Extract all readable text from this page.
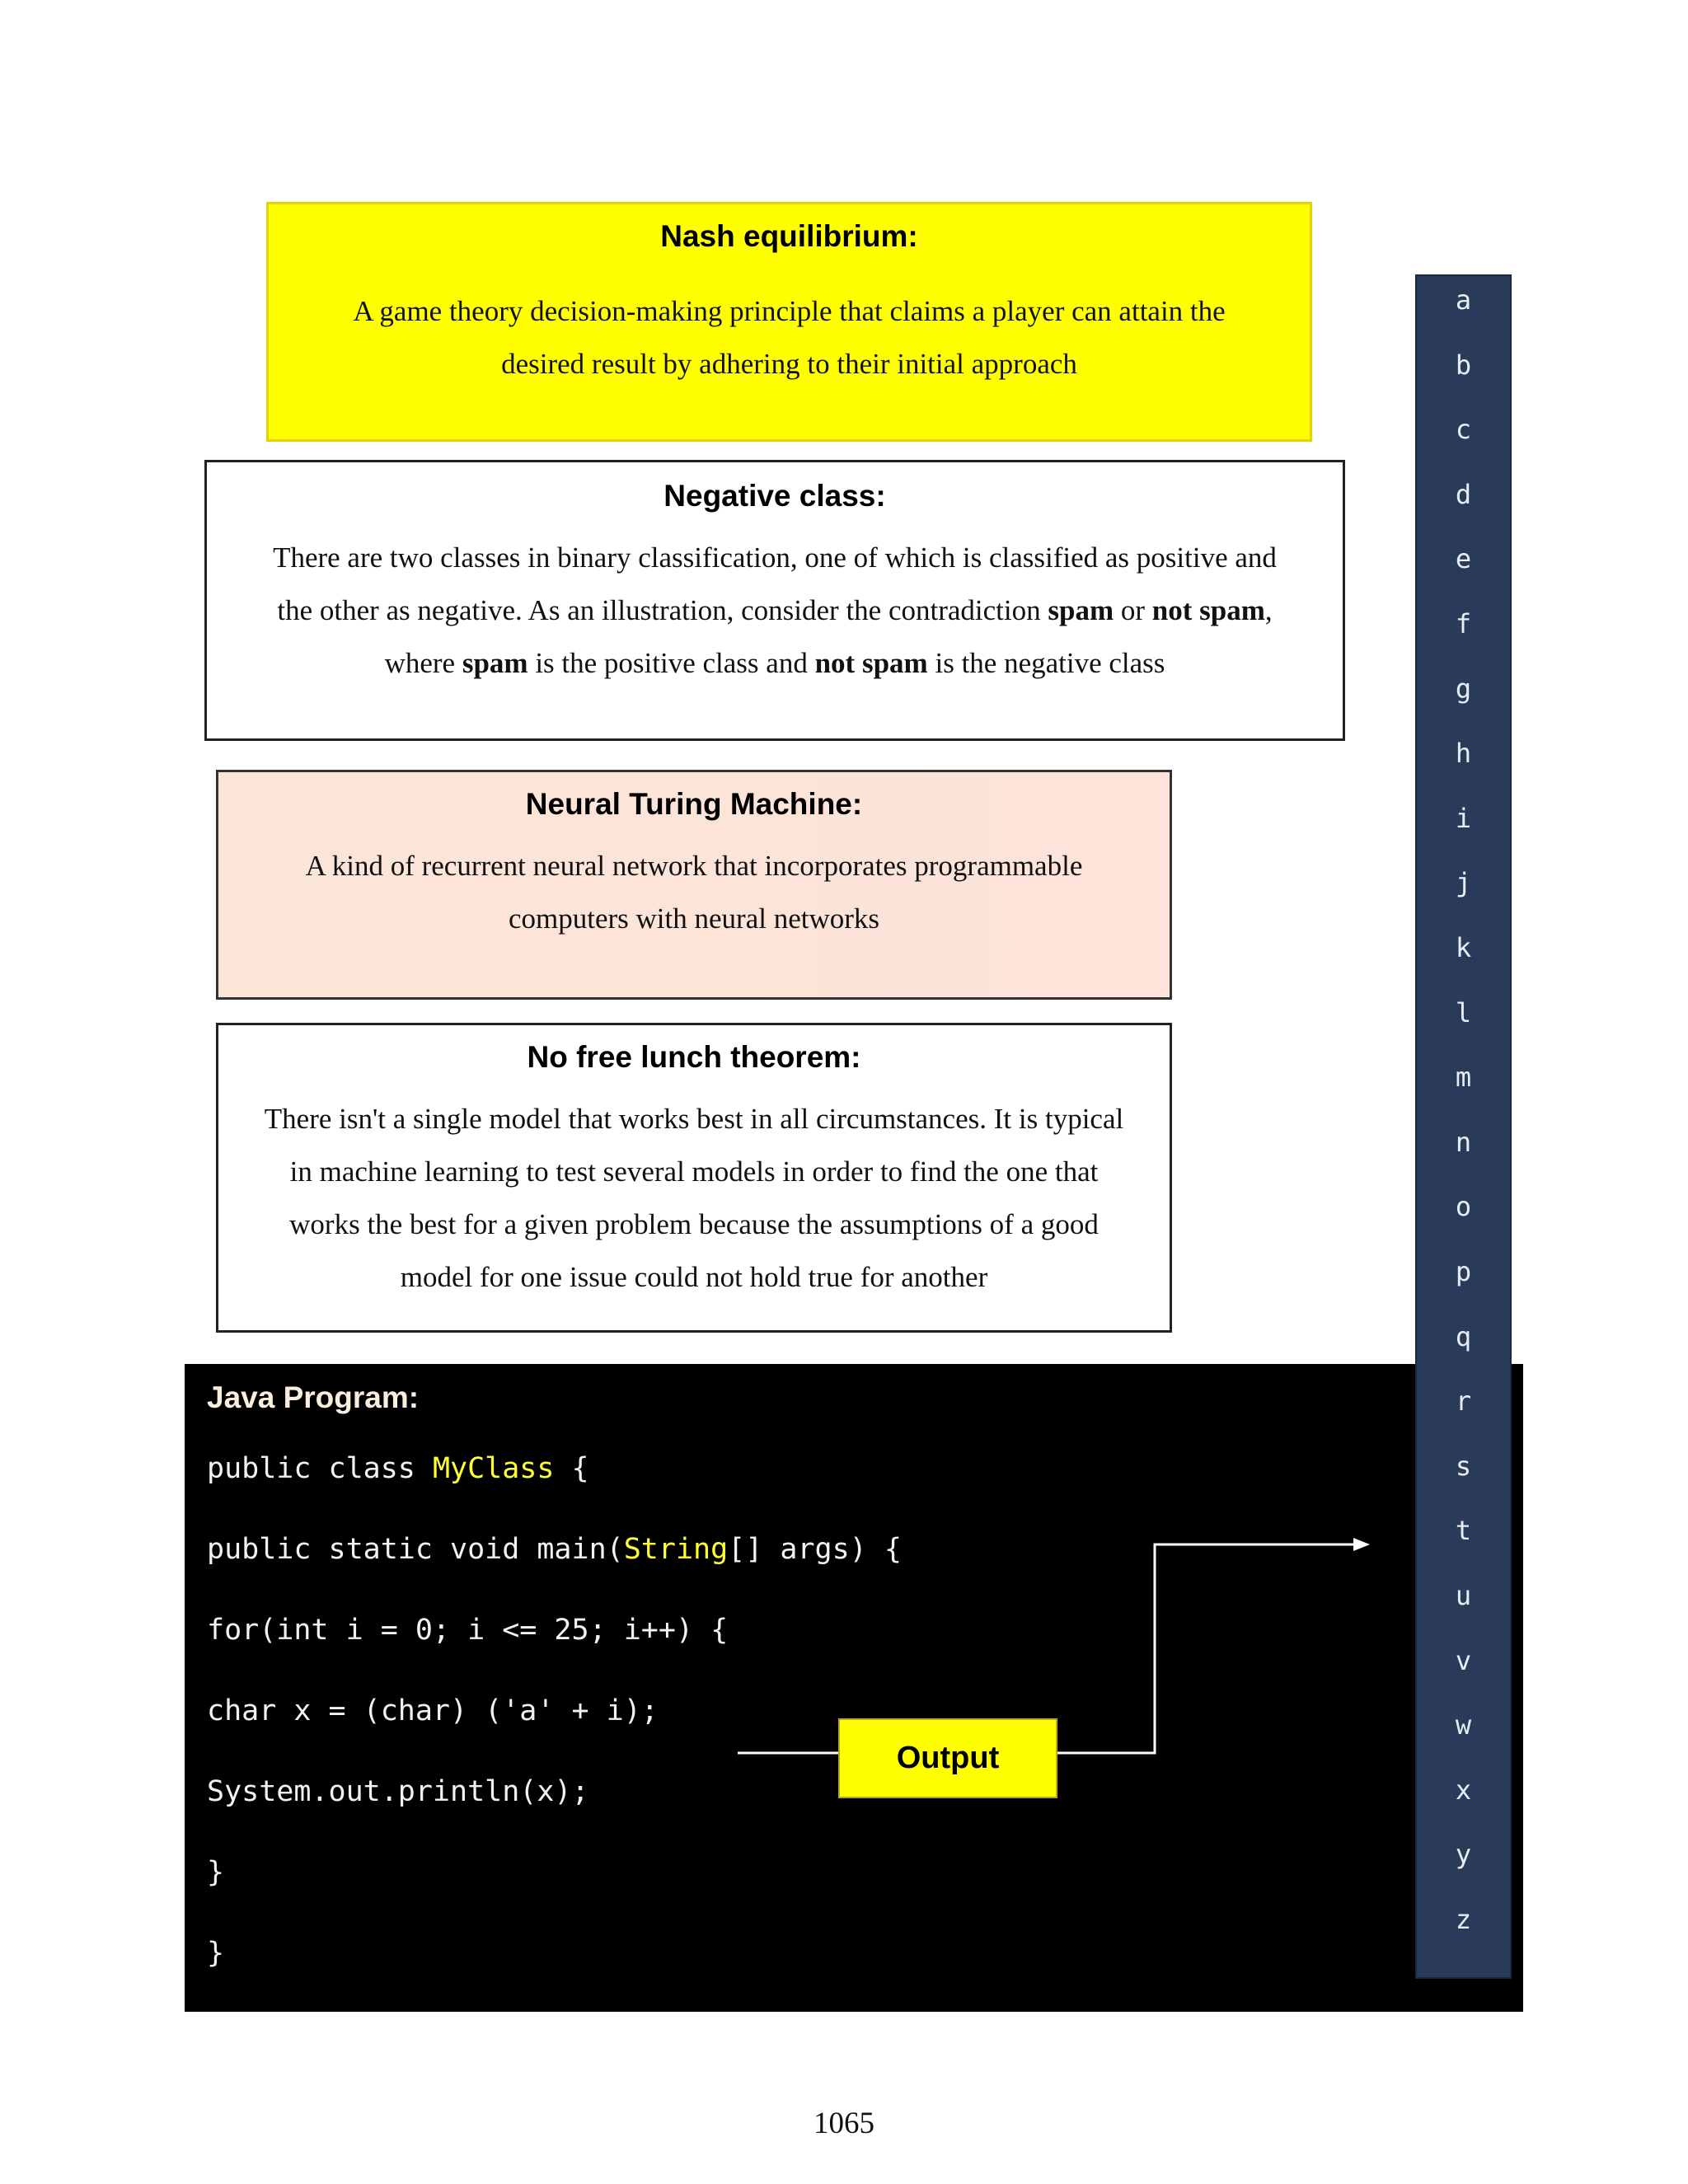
Nash equilibrium:

A game theory decision-making principle that claims a player can attain the
desired result by adhering to their initial approach

Negative class:

There are two classes in binary classification, one of which is classified as positive and
the other as negative. As an illustration, consider the contradiction spam or not spam,
where spam is the positive class and not spam is the negative class

Neural Turing Machine:

A kind of recurrent neural network that incorporates programmable
computers with neural networks

No free lunch theorem:

There isn't a single model that works best in all circumstances. It is typical
in machine learning to test several models in order to find the one that
works the best for a given problem because the assumptions of a good
model for one issue could not hold true for another

Java Program:

public class MyClass {

public static void main(String[] args) {

for(int i = 0; i <= 25; i++) {

char x = (char) ('a' + i);

System.out.println(x);

}

}

Output
a
b
c
d
e
f
g
h
i
j
k
l
m
n
o
p
q
r
s
t
u
v
w
x
y
z

1065
